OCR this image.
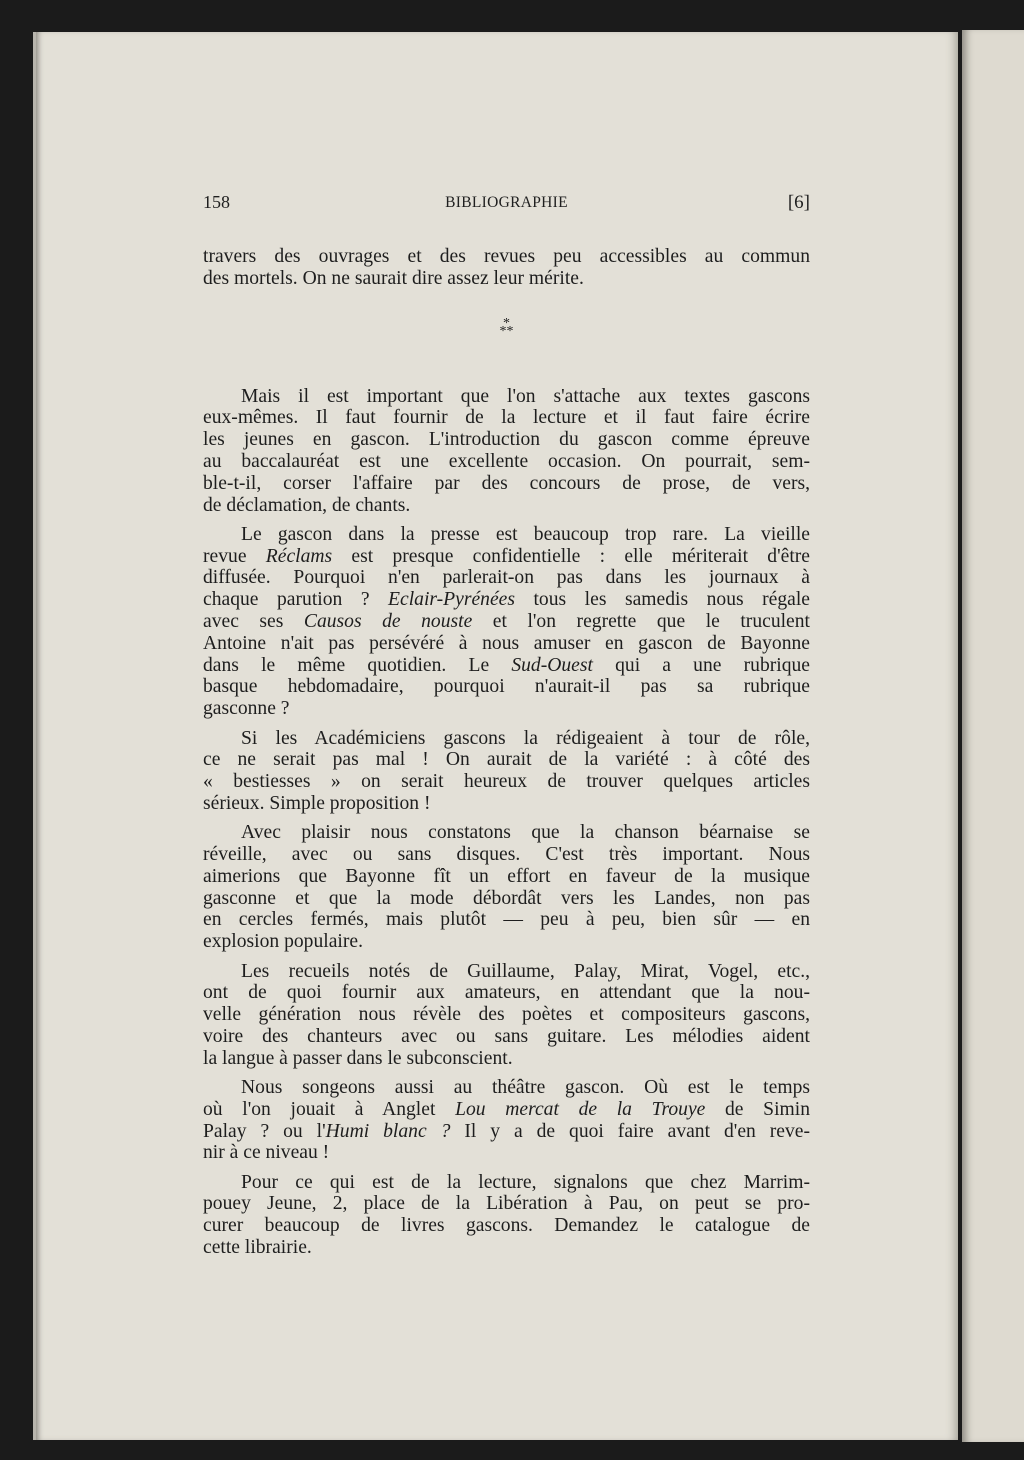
158	BIBLIOGRAPHIE	[6]
travers des ouvrages et des revues peu accessibles au commun
des mortels. On ne saurait dire assez leur mérite.
*
**
Mais il est important que l'on s'attache aux textes gascons
eux-mêmes. Il faut fournir de la lecture et il faut faire écrire
les jeunes en gascon. L'introduction du gascon comme épreuve
au baccalauréat est une excellente occasion. On pourrait, sem-
ble-t-il, corser l'affaire par des concours de prose, de vers,
de déclamation, de chants.
Le gascon dans la presse est beaucoup trop rare. La vieille
revue Réclams est presque confidentielle : elle mériterait d'être
diffusée. Pourquoi n'en parlerait-on pas dans les journaux à
chaque parution ? Eclair-Pyrénées tous les samedis nous régale
avec ses Causos de nouste et l'on regrette que le truculent
Antoine n'ait pas persévéré à nous amuser en gascon de Bayonne
dans le même quotidien. Le Sud-Ouest qui a une rubrique
basque hebdomadaire, pourquoi n'aurait-il pas sa rubrique
gasconne ?
Si les Académiciens gascons la rédigeaient à tour de rôle,
ce ne serait pas mal ! On aurait de la variété : à côté des
« bestiesses » on serait heureux de trouver quelques articles
sérieux. Simple proposition !
Avec plaisir nous constatons que la chanson béarnaise se
réveille, avec ou sans disques. C'est très important. Nous
aimerions que Bayonne fît un effort en faveur de la musique
gasconne et que la mode débordât vers les Landes, non pas
en cercles fermés, mais plutôt — peu à peu, bien sûr — en
explosion populaire.
Les recueils notés de Guillaume, Palay, Mirat, Vogel, etc.,
ont de quoi fournir aux amateurs, en attendant que la nou-
velle génération nous révèle des poètes et compositeurs gascons,
voire des chanteurs avec ou sans guitare. Les mélodies aident
la langue à passer dans le subconscient.
Nous songeons aussi au théâtre gascon. Où est le temps
où l'on jouait à Anglet Lou mercat de la Trouye de Simin
Palay ? ou l'Humi blanc ? Il y a de quoi faire avant d'en reve-
nir à ce niveau !
Pour ce qui est de la lecture, signalons que chez Marrim-
pouey Jeune, 2, place de la Libération à Pau, on peut se pro-
curer beaucoup de livres gascons. Demandez le catalogue de
cette librairie.
